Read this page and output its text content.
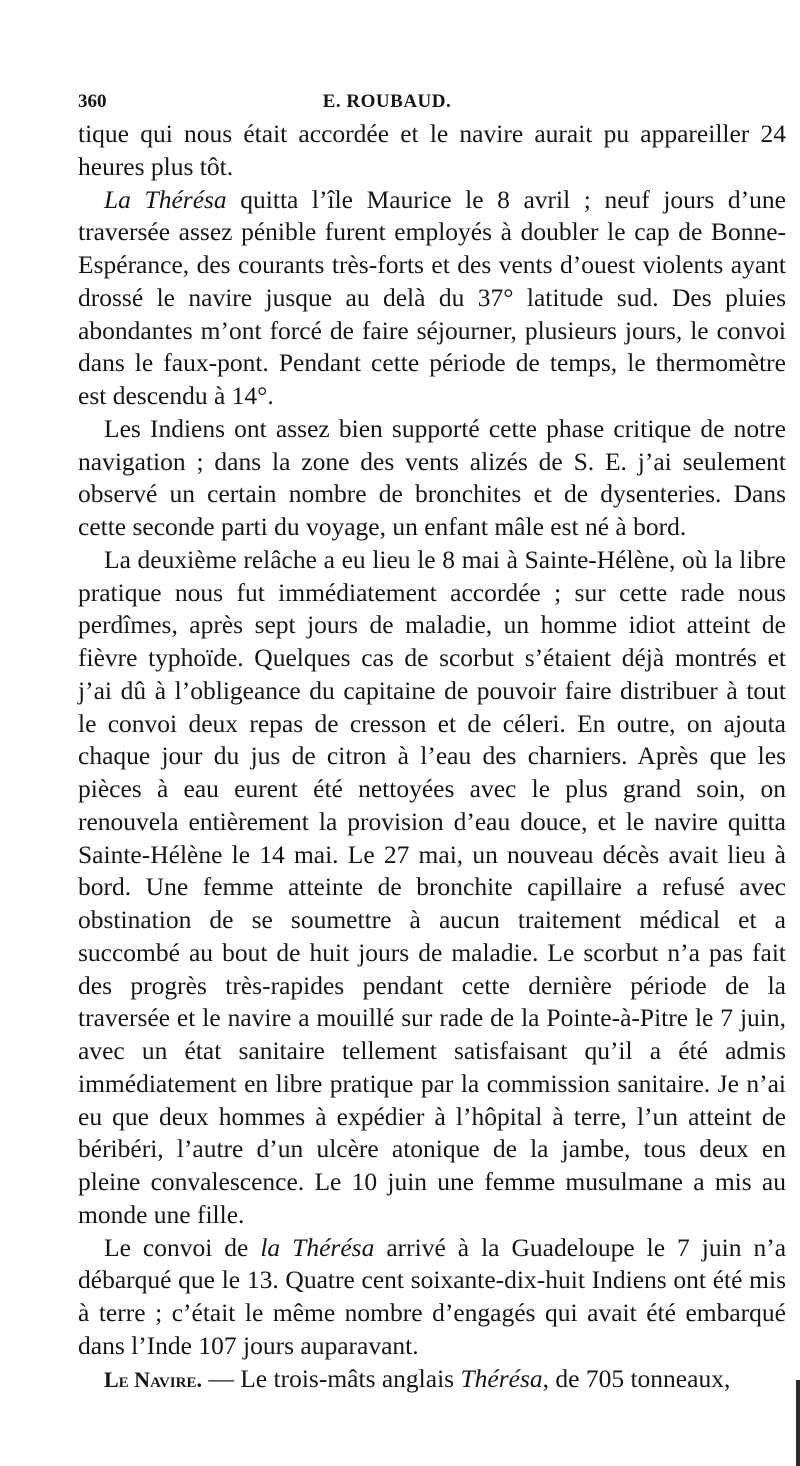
360	E. ROUBAUD.

tique qui nous était accordée et le navire aurait pu appareiller 24 heures plus tôt.

La Thérésa quitta l’île Maurice le 8 avril ; neuf jours d’une traversée assez pénible furent employés à doubler le cap de Bonne-Espérance, des courants très-forts et des vents d’ouest violents ayant drossé le navire jusque au delà du 37° latitude sud. Des pluies abondantes m’ont forcé de faire séjourner, plusieurs jours, le convoi dans le faux-pont. Pendant cette période de temps, le thermomètre est descendu à 14°.

Les Indiens ont assez bien supporté cette phase critique de notre navigation ; dans la zone des vents alizés de S. E. j’ai seulement observé un certain nombre de bronchites et de dysenteries. Dans cette seconde parti du voyage, un enfant mâle est né à bord.

La deuxième relâche a eu lieu le 8 mai à Sainte-Hélène, où la libre pratique nous fut immédiatement accordée ; sur cette rade nous perdîmes, après sept jours de maladie, un homme idiot atteint de fièvre typhoïde. Quelques cas de scorbut s’étaient déjà montrés et j’ai dû à l’obligeance du capitaine de pouvoir faire distribuer à tout le convoi deux repas de cresson et de céleri. En outre, on ajouta chaque jour du jus de citron à l’eau des charniers. Après que les pièces à eau eurent été nettoyées avec le plus grand soin, on renouvela entièrement la provision d’eau douce, et le navire quitta Sainte-Hélène le 14 mai. Le 27 mai, un nouveau décès avait lieu à bord. Une femme atteinte de bronchite capillaire a refusé avec obstination de se soumettre à aucun traitement médical et a succombé au bout de huit jours de maladie. Le scorbut n’a pas fait des progrès très-rapides pendant cette dernière période de la traversée et le navire a mouillé sur rade de la Pointe-à-Pitre le 7 juin, avec un état sanitaire tellement satisfaisant qu’il a été admis immédiatement en libre pratique par la commission sanitaire. Je n’ai eu que deux hommes à expédier à l’hôpital à terre, l’un atteint de béribéri, l’autre d’un ulcère atonique de la jambe, tous deux en pleine convalescence. Le 10 juin une femme musulmane a mis au monde une fille.

Le convoi de la Thérésa arrivé à la Guadeloupe le 7 juin n’a débarqué que le 13. Quatre cent soixante-dix-huit Indiens ont été mis à terre ; c’était le même nombre d’engagés qui avait été embarqué dans l’Inde 107 jours auparavant.

Le Navire. — Le trois-mâts anglais Thérésa, de 705 tonneaux,
